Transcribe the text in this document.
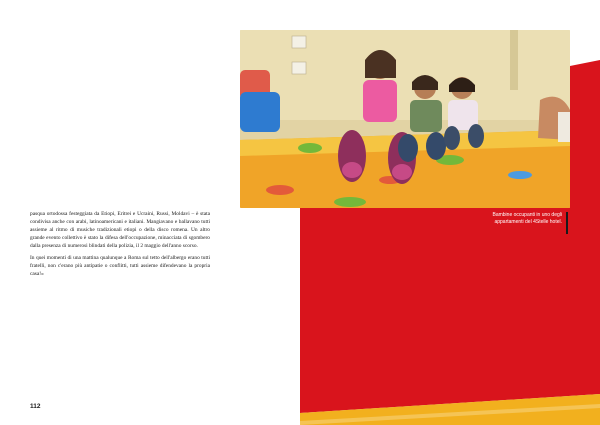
pasqua ortodossa festeggiata da Etiopi, Eritrei e Ucraini, Russi, Moldavi – è stata condivisa anche con arabi, latinoamericani e italiani. Mangiavano e ballavano tutti assieme al ritmo di musiche tradizionali etiopi o della disco romena. Un altro grande evento collettivo è stato la difesa dell'occupazione, minacciata di sgombero dalla presenza di numerosi blindati della polizia, il 2 maggio dell'anno scorso.

In quei momenti di una mattina qualunque a Roma sul tetto dell'albergo erano tutti fratelli, non c'erano più antipatie o conflitti, tutti assieme difendevano la propria casa!»

Bambine occupanti in uno degli appartamenti del 4Stelle hotel.
112
